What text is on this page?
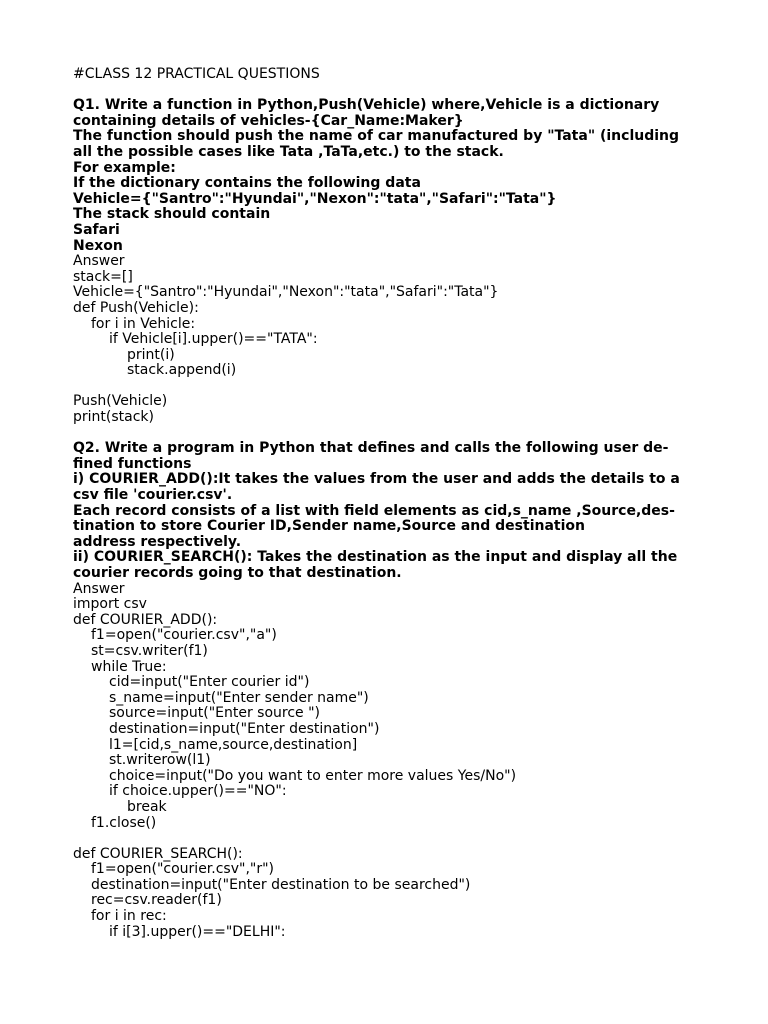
#CLASS 12 PRACTICAL QUESTIONS
Q1. Write a function in Python,Push(Vehicle) where,Vehicle is a dictionary
containing details of vehicles-{Car_Name:Maker}
The function should push the name of car manufactured by "Tata" (including
all the possible cases like Tata ,TaTa,etc.) to the stack.
For example:
If the dictionary contains the following data
Vehicle={"Santro":"Hyundai","Nexon":"tata","Safari":"Tata"}
The stack should contain
Safari
Nexon
Answer
stack=[]
Vehicle={"Santro":"Hyundai","Nexon":"tata","Safari":"Tata"}
def Push(Vehicle):
for i in Vehicle:
if Vehicle[i].upper()=="TATA":
print(i)
stack.append(i)
Push(Vehicle)
print(stack)
Q2. Write a program in Python that defines and calls the following user de-
fined functions
i) COURIER_ADD():It takes the values from the user and adds the details to a
csv file 'courier.csv'.
Each record consists of a list with field elements as cid,s_name ,Source,des-
tination to store Courier ID,Sender name,Source and destination
address respectively.
ii) COURIER_SEARCH(): Takes the destination as the input and display all the
courier records going to that destination.
Answer
import csv
def COURIER_ADD():
f1=open("courier.csv","a")
st=csv.writer(f1)
while True:
cid=input("Enter courier id")
s_name=input("Enter sender name")
source=input("Enter source ")
destination=input("Enter destination")
l1=[cid,s_name,source,destination]
st.writerow(l1)
choice=input("Do you want to enter more values Yes/No")
if choice.upper()=="NO":
break
f1.close()
def COURIER_SEARCH():
f1=open("courier.csv","r")
destination=input("Enter destination to be searched")
rec=csv.reader(f1)
for i in rec:
if i[3].upper()=="DELHI":
